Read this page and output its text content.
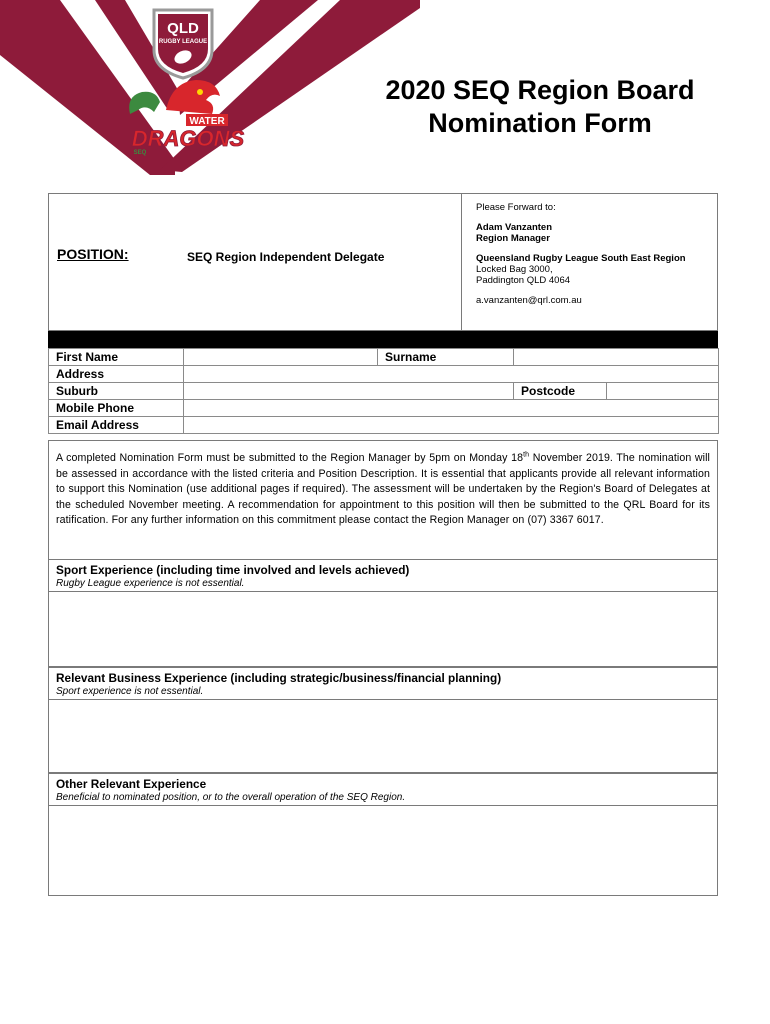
QLD
RUGBY LEAGUE
WATER
DRAGONS
SEQ
2020 SEQ Region Board
Nomination Form
POSITION:	SEQ Region Independent Delegate
Please Forward to:
Adam Vanzanten
Region Manager
Queensland Rugby League South East Region
Locked Bag 3000,
Paddington QLD 4064
a.vanzanten@qrl.com.au
First Name		Surname		
Address				
Suburb			Postcode	
Mobile Phone				
Email Address				
A completed Nomination Form must be submitted to the Region Manager by 5pm on Monday 18th November 2019. The nomination will be assessed in accordance with the listed criteria and Position Description. It is essential that applicants provide all relevant information to support this Nomination (use additional pages if required). The assessment will be undertaken by the Region's Board of Delegates at the scheduled November meeting. A recommendation for appointment to this position will then be submitted to the QRL Board for its ratification. For any further information on this commitment please contact the Region Manager on (07) 3367 6017.
Sport Experience (including time involved and levels achieved)
Rugby League experience is not essential.
Relevant Business Experience (including strategic/business/financial planning)
Sport experience is not essential.
Other Relevant Experience
Beneficial to nominated position, or to the overall operation of the SEQ Region.
